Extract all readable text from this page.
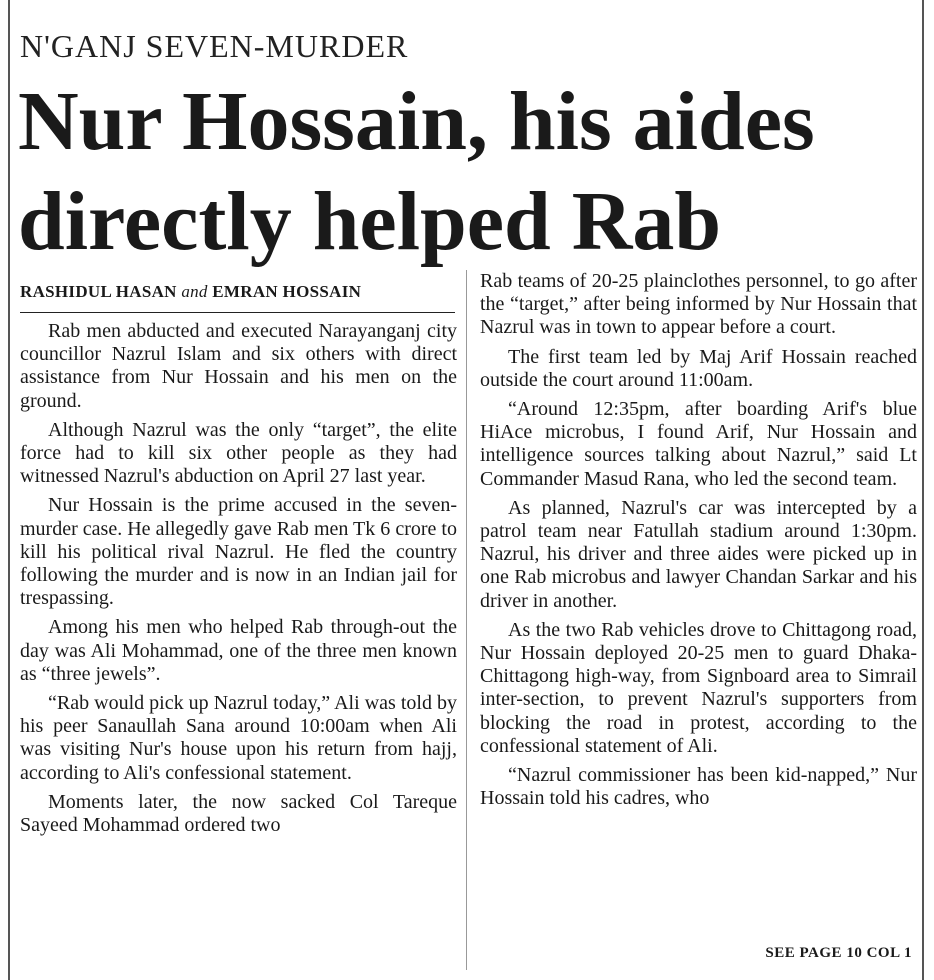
N'GANJ SEVEN-MURDER
Nur Hossain, his aides directly helped Rab
RASHIDUL HASAN and EMRAN HOSSAIN

Rab men abducted and executed Narayanganj city councillor Nazrul Islam and six others with direct assistance from Nur Hossain and his men on the ground.

Although Nazrul was the only “target”, the elite force had to kill six other people as they had witnessed Nazrul's abduction on April 27 last year.

Nur Hossain is the prime accused in the seven-murder case. He allegedly gave Rab men Tk 6 crore to kill his political rival Nazrul. He fled the country following the murder and is now in an Indian jail for trespassing.

Among his men who helped Rab through-out the day was Ali Mohammad, one of the three men known as “three jewels”.

“Rab would pick up Nazrul today,” Ali was told by his peer Sanaullah Sana around 10:00am when Ali was visiting Nur's house upon his return from hajj, according to Ali's confessional statement.

Moments later, the now sacked Col Tareque Sayeed Mohammad ordered two

Rab teams of 20-25 plainclothes personnel, to go after the “target,” after being informed by Nur Hossain that Nazrul was in town to appear before a court.

The first team led by Maj Arif Hossain reached outside the court around 11:00am.

“Around 12:35pm, after boarding Arif's blue HiAce microbus, I found Arif, Nur Hossain and intelligence sources talking about Nazrul,” said Lt Commander Masud Rana, who led the second team.

As planned, Nazrul's car was intercepted by a patrol team near Fatullah stadium around 1:30pm. Nazrul, his driver and three aides were picked up in one Rab microbus and lawyer Chandan Sarkar and his driver in another.

As the two Rab vehicles drove to Chittagong road, Nur Hossain deployed 20-25 men to guard Dhaka-Chittagong high-way, from Signboard area to Simrail inter-section, to prevent Nazrul's supporters from blocking the road in protest, according to the confessional statement of Ali.

“Nazrul commissioner has been kid-napped,” Nur Hossain told his cadres, who

SEE PAGE 10 COL 1
